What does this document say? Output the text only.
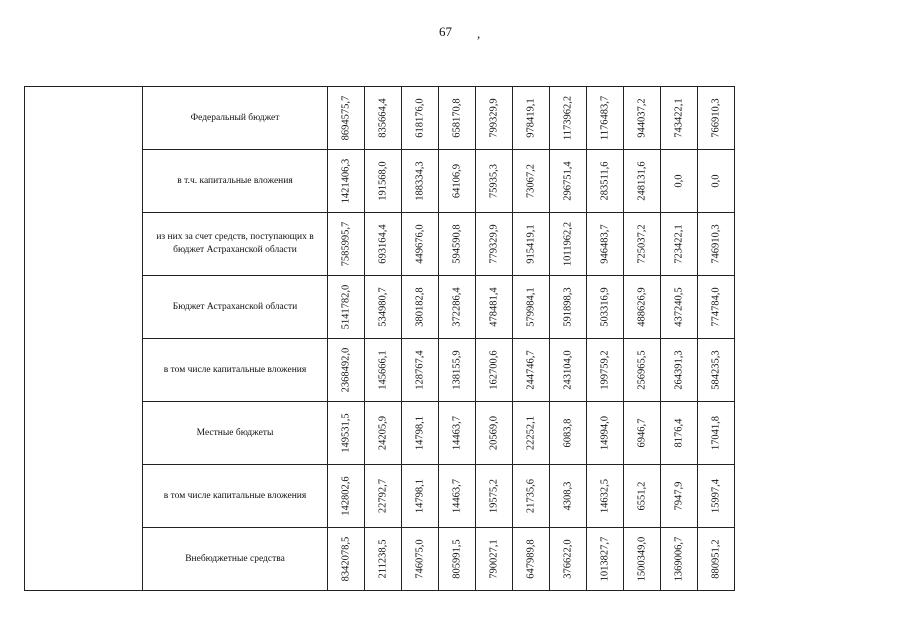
67 ,
	Федеральный бюджет	8694575,7	835664,4	618176,0	658170,8	799329,9	978419,1	1173962,2	1176483,7	944037,2	743422,1	766910,3

	в т.ч. капитальные вложения	1421406,3	191568,0	188334,3	64106,9	75935,3	73067,2	296751,4	283511,6	248131,6	0,0	0,0

	из них за счет средств, поступающих в бюджет Астраханской области	7585995,7	693164,4	449676,0	594590,8	779329,9	915419,1	1011962,2	946483,7	725037,2	723422,1	746910,3

	Бюджет Астраханской области	5141782,0	534980,7	380182,8	372286,4	478481,4	579984,1	591898,3	503316,9	488626,9	437240,5	774784,0

	в том числе капитальные вложения	2368492,0	145666,1	128767,4	138155,9	162700,6	244746,7	243104,0	199759,2	256965,5	264391,3	584235,3

	Местные бюджеты	149531,5	24205,9	14798,1	14463,7	20569,0	22252,1	6083,8	14994,0	6946,7	8176,4	17041,8

	в том числе капитальные вложения	142802,6	22792,7	14798,1	14463,7	19575,2	21735,6	4308,3	14632,5	6551,2	7947,9	15997,4

	Внебюджетные средства	8342078,5	211238,5	746075,0	805991,5	790027,1	647989,8	376622,0	1013827,7	1500349,0	1369006,7	880951,2
